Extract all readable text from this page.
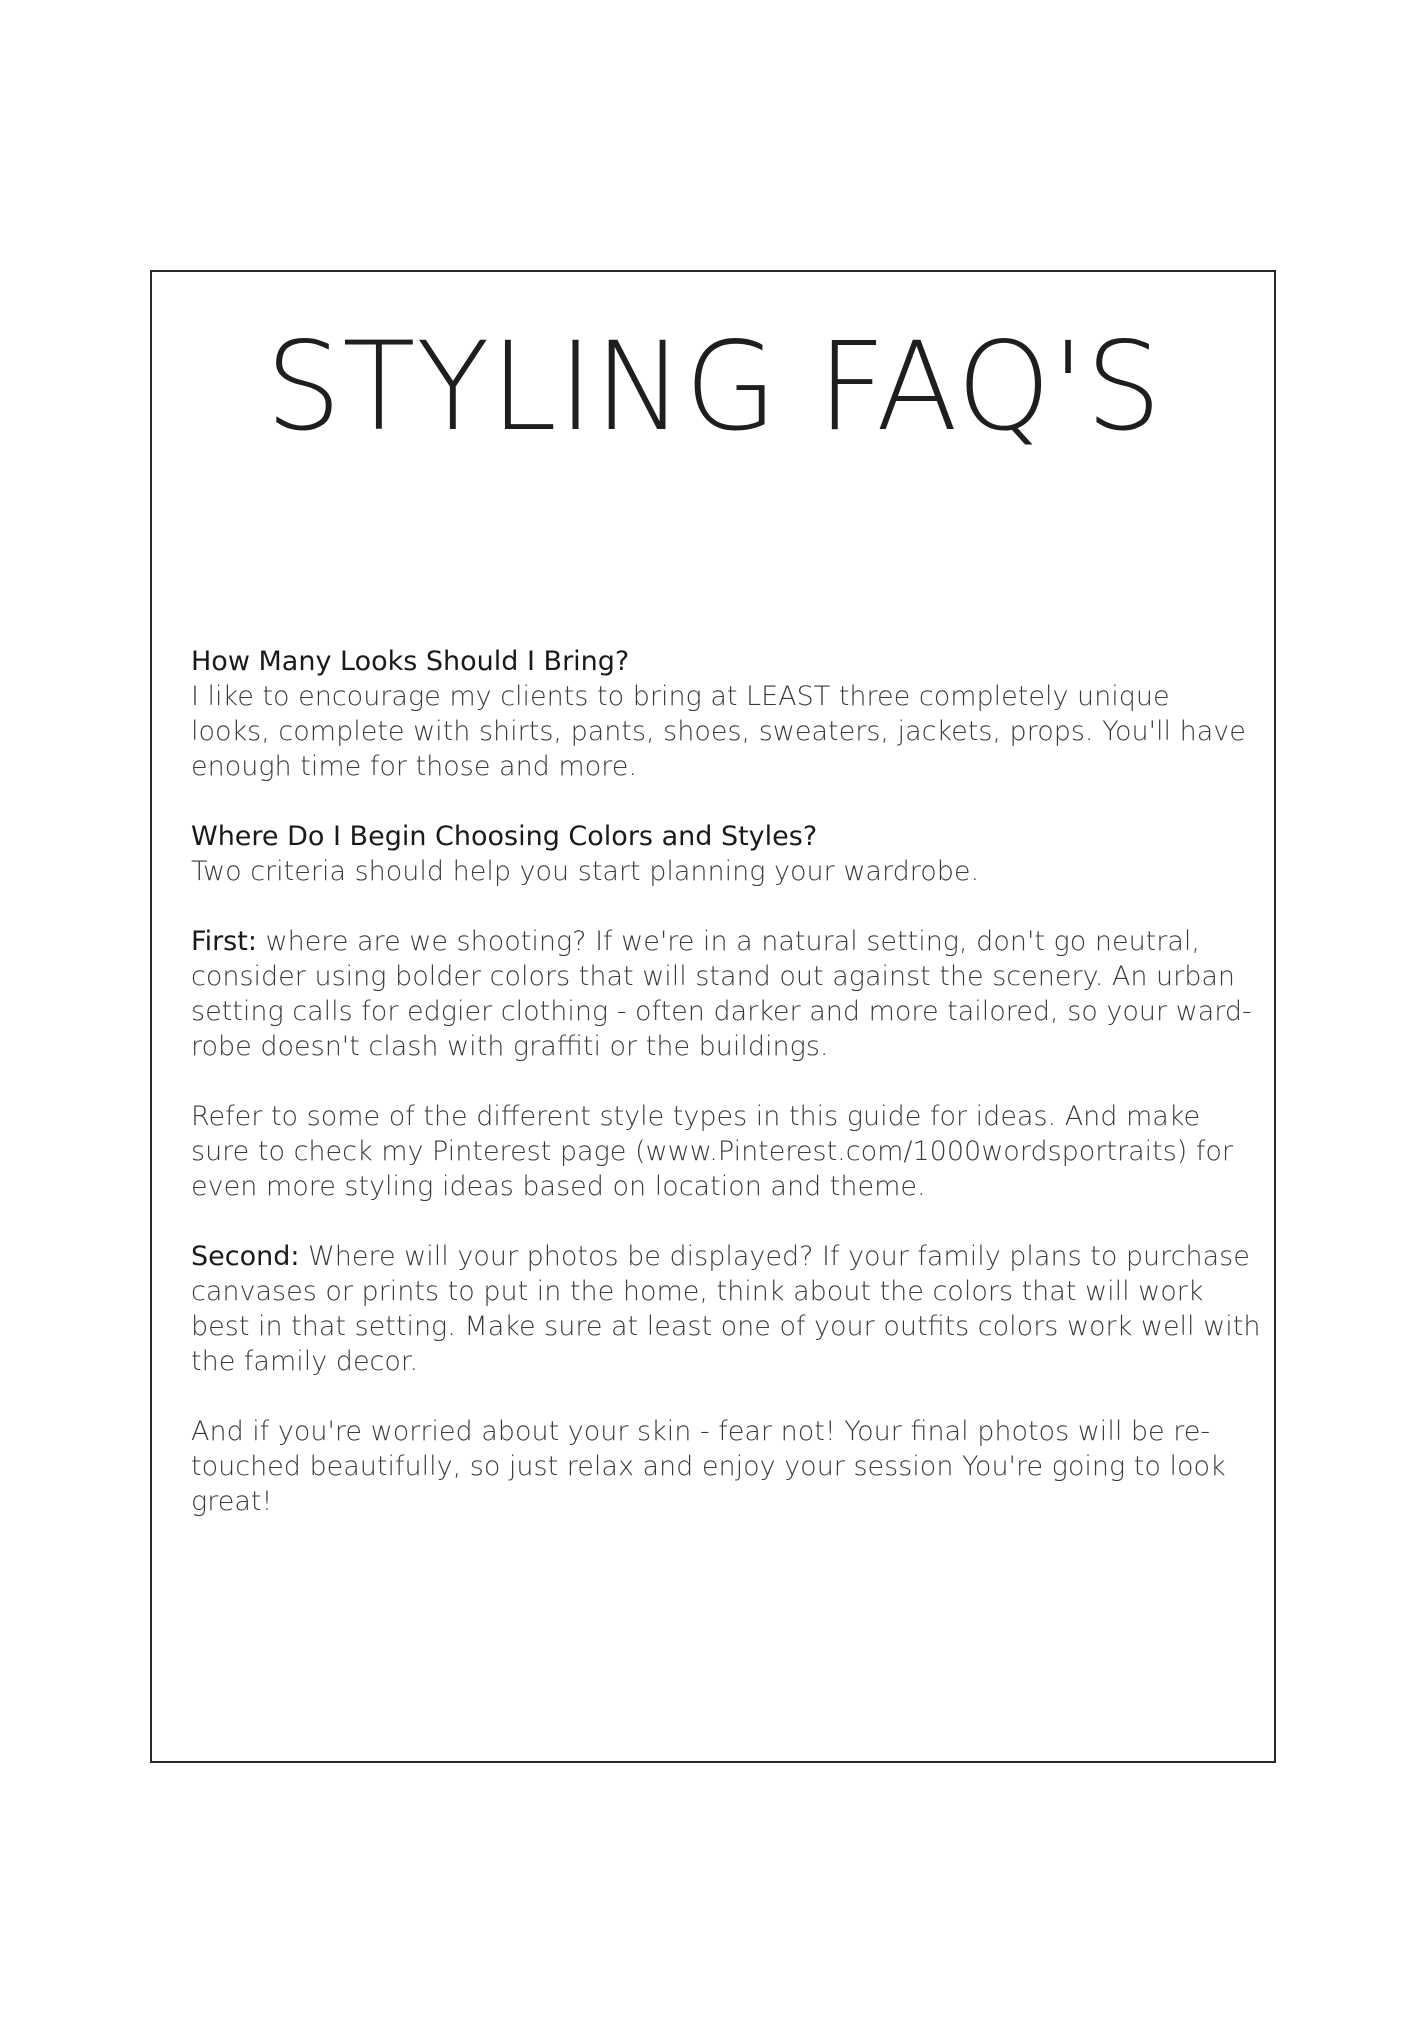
STYLING FAQ'S
How Many Looks Should I Bring?
I like to encourage my clients to bring at LEAST three completely unique
looks, complete with shirts, pants, shoes, sweaters, jackets, props. You'll have
enough time for those and more.
Where Do I Begin Choosing Colors and Styles?
Two criteria should help you start planning your wardrobe.
First: where are we shooting? If we're in a natural setting, don't go neutral,
consider using bolder colors that will stand out against the scenery. An urban
setting calls for edgier clothing - often darker and more tailored, so your ward-
robe doesn't clash with graffiti or the buildings.
Refer to some of the different style types in this guide for ideas. And make
sure to check my Pinterest page (www.Pinterest.com/1000wordsportraits) for
even more styling ideas based on location and theme.
Second: Where will your photos be displayed? If your family plans to purchase
canvases or prints to put in the home, think about the colors that will work
best in that setting. Make sure at least one of your outfits colors work well with
the family decor.
And if you're worried about your skin - fear not! Your final photos will be re-
touched beautifully, so just relax and enjoy your session You're going to look
great!
